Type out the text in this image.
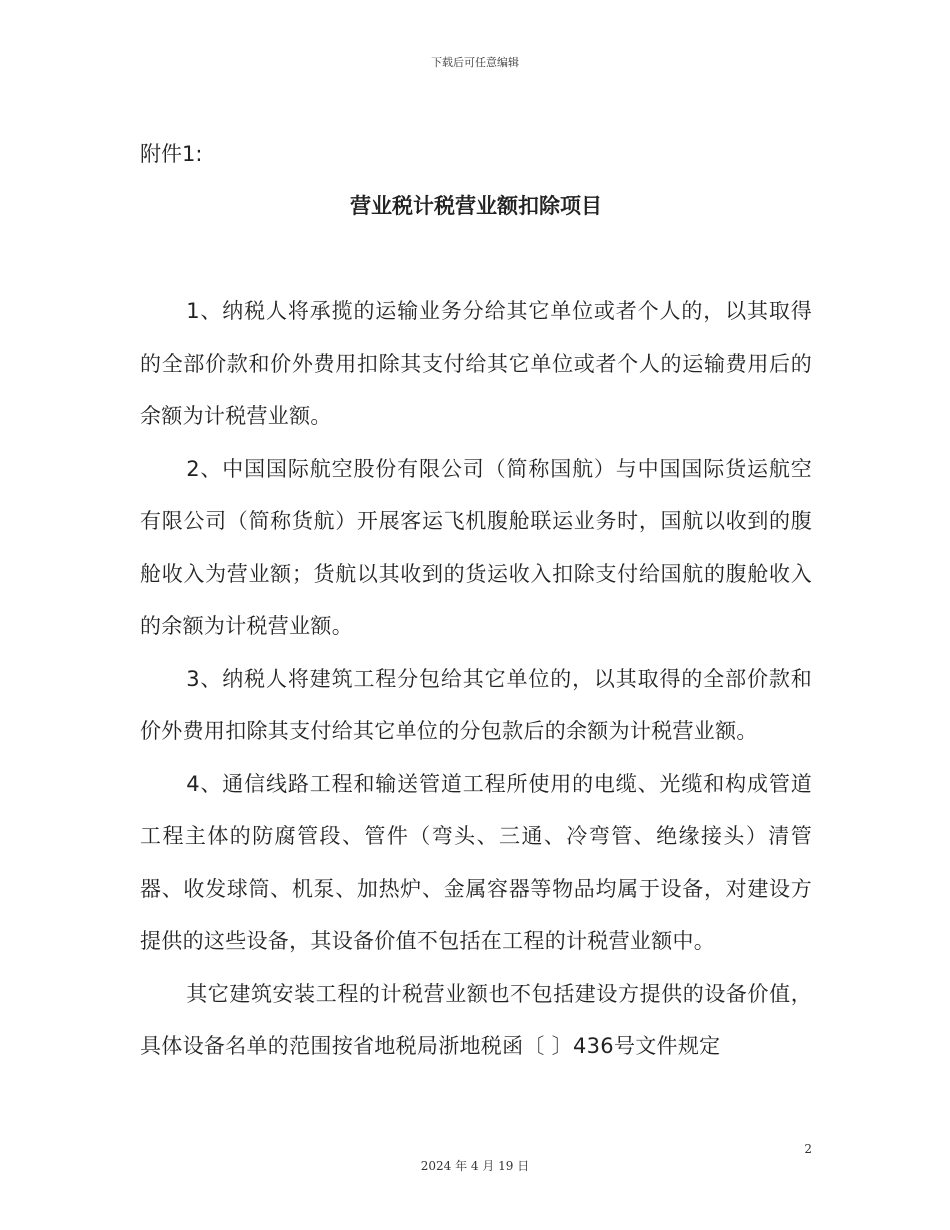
下载后可任意编辑

附件1:

营业税计税营业额扣除项目

1、纳税人将承揽的运输业务分给其它单位或者个人的，以其取得的全部价款和价外费用扣除其支付给其它单位或者个人的运输费用后的余额为计税营业额。

2、中国国际航空股份有限公司（简称国航）与中国国际货运航空有限公司（简称货航）开展客运飞机腹舱联运业务时，国航以收到的腹舱收入为营业额；货航以其收到的货运收入扣除支付给国航的腹舱收入的余额为计税营业额。

3、纳税人将建筑工程分包给其它单位的，以其取得的全部价款和价外费用扣除其支付给其它单位的分包款后的余额为计税营业额。

4、通信线路工程和输送管道工程所使用的电缆、光缆和构成管道工程主体的防腐管段、管件（弯头、三通、冷弯管、绝缘接头）清管器、收发球筒、机泵、加热炉、金属容器等物品均属于设备，对建设方提供的这些设备，其设备价值不包括在工程的计税营业额中。

其它建筑安装工程的计税营业额也不包括建设方提供的设备价值，具体设备名单的范围按省地税局浙地税函〔 〕436号文件规定

2
2024 年 4 月 19 日
